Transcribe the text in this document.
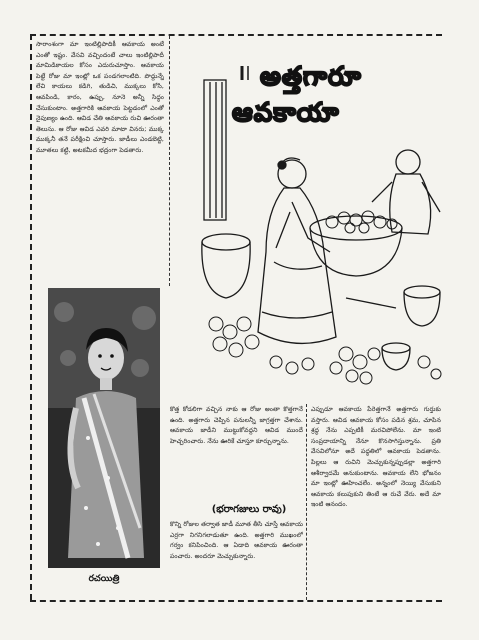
సారాంశంగా మా ఇంటిల్లిపాదికీ ఆవకాయ అంటే ఎంతో ఇష్టం. వేసవి వచ్చిందంటే చాలు ఇంటిల్లిపాదీ మామిడికాయల కోసం ఎదురుచూస్తాం. ఆవకాయ పెట్టే రోజు మా ఇంట్లో ఒక పండగలాంటిది. పొద్దున్నే లేచి కాయలు కడిగి, తుడిచి, ముక్కలు కోసి, ఆవపిండి, కారం, ఉప్పు, నూనె అన్నీ సిద్ధం చేసుకుంటాం. అత్తగారికి ఆవకాయ పెట్టడంలో ఎంతో నైపుణ్యం ఉంది. ఆవిడ చేతి ఆవకాయ రుచి ఊరంతా తెలుసు. ఆ రోజు ఆవిడ ఎవరి మాటా వినరు; ముక్క ముక్కనీ తనే పరీక్షించి చూస్తారు. జాడీలు ఎండబెట్టి, మూతలు కట్టి, అటకమీద భద్రంగా పెడతారు.
అత్తగారూ
ఆవకాయా
రచయిత్రి
కొత్త కోడలిగా వచ్చిన నాకు ఆ రోజు అంతా కొత్తగానే ఉంది. అత్తగారు చెప్పిన పనులన్నీ జాగ్రత్తగా చేశాను. ఆవకాయ జాడీని ముట్టుకోవద్దని ఆవిడ ముందే హెచ్చరించారు. నేను ఊరికే చూస్తూ కూర్చున్నాను.
(భరాగజులు రావు)
కొన్ని రోజుల తర్వాత జాడీ మూత తీసి చూస్తే ఆవకాయ ఎర్రగా నిగనిగలాడుతూ ఉంది. అత్తగారి ముఖంలో గర్వం కనిపించింది. ఆ ఏడాది ఆవకాయ ఊరంతా పంచారు. అందరూ మెచ్చుకున్నారు.
ఎప్పుడూ ఆవకాయ పేరెత్తగానే అత్తగారు గుర్తుకు వస్తారు. ఆవిడ ఆవకాయ కోసం పడిన శ్రమ, చూపిన శ్రద్ధ నేను ఎప్పటికీ మరచిపోలేను. మా ఇంటి సంప్రదాయాన్ని నేనూ కొనసాగిస్తున్నాను. ప్రతి వేసవిలోనూ అదే పద్ధతిలో ఆవకాయ పెడతాను. పిల్లలు ఆ రుచిని మెచ్చుకున్నప్పుడల్లా అత్తగారి ఆశీర్వాదమే అనుకుంటాను. ఆవకాయ లేని భోజనం మా ఇంట్లో ఊహించలేం. అన్నంలో నెయ్యి వేసుకుని ఆవకాయ కలుపుకుని తింటే ఆ రుచే వేరు. అదే మా ఇంటి ఆనందం.
